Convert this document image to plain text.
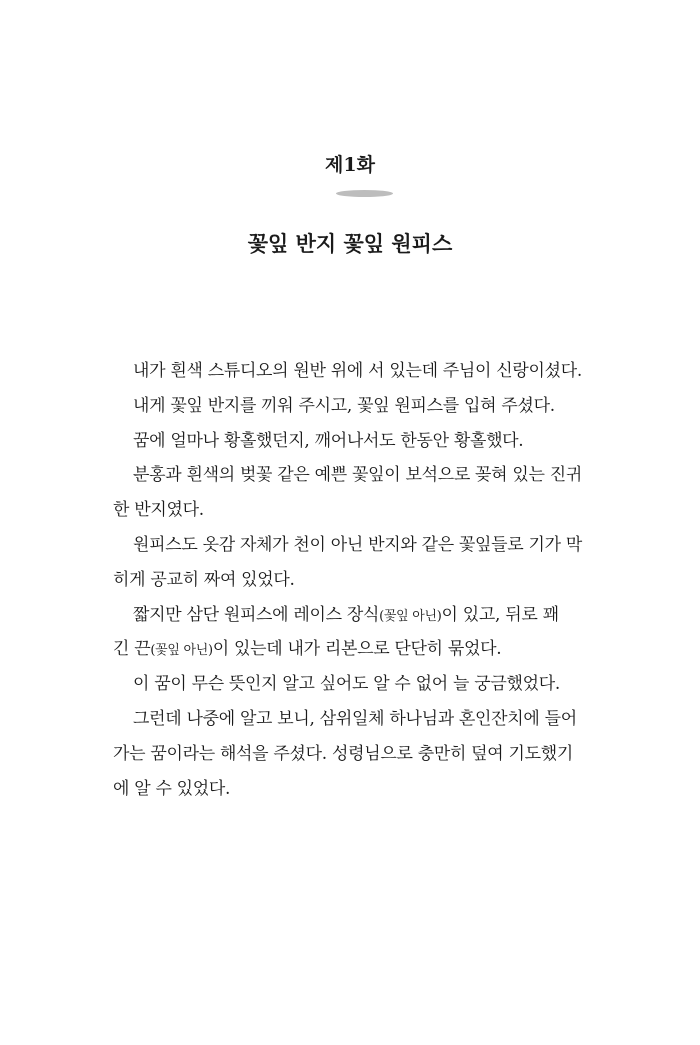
제1화
꽃잎 반지 꽃잎 원피스
내가 흰색 스튜디오의 원반 위에 서 있는데 주님이 신랑이셨다.
내게 꽃잎 반지를 끼워 주시고, 꽃잎 원피스를 입혀 주셨다.
꿈에 얼마나 황홀했던지, 깨어나서도 한동안 황홀했다.
분홍과 흰색의 벚꽃 같은 예쁜 꽃잎이 보석으로 꽂혀 있는 진귀
한 반지였다.
원피스도 옷감 자체가 천이 아닌 반지와 같은 꽃잎들로 기가 막
히게 공교히 짜여 있었다.
짧지만 삼단 원피스에 레이스 장식(꽃잎 아닌)이 있고, 뒤로 꽤
긴 끈(꽃잎 아닌)이 있는데 내가 리본으로 단단히 묶었다.
이 꿈이 무슨 뜻인지 알고 싶어도 알 수 없어 늘 궁금했었다.
그런데 나중에 알고 보니, 삼위일체 하나님과 혼인잔치에 들어
가는 꿈이라는 해석을 주셨다. 성령님으로 충만히 덮여 기도했기
에 알 수 있었다.
